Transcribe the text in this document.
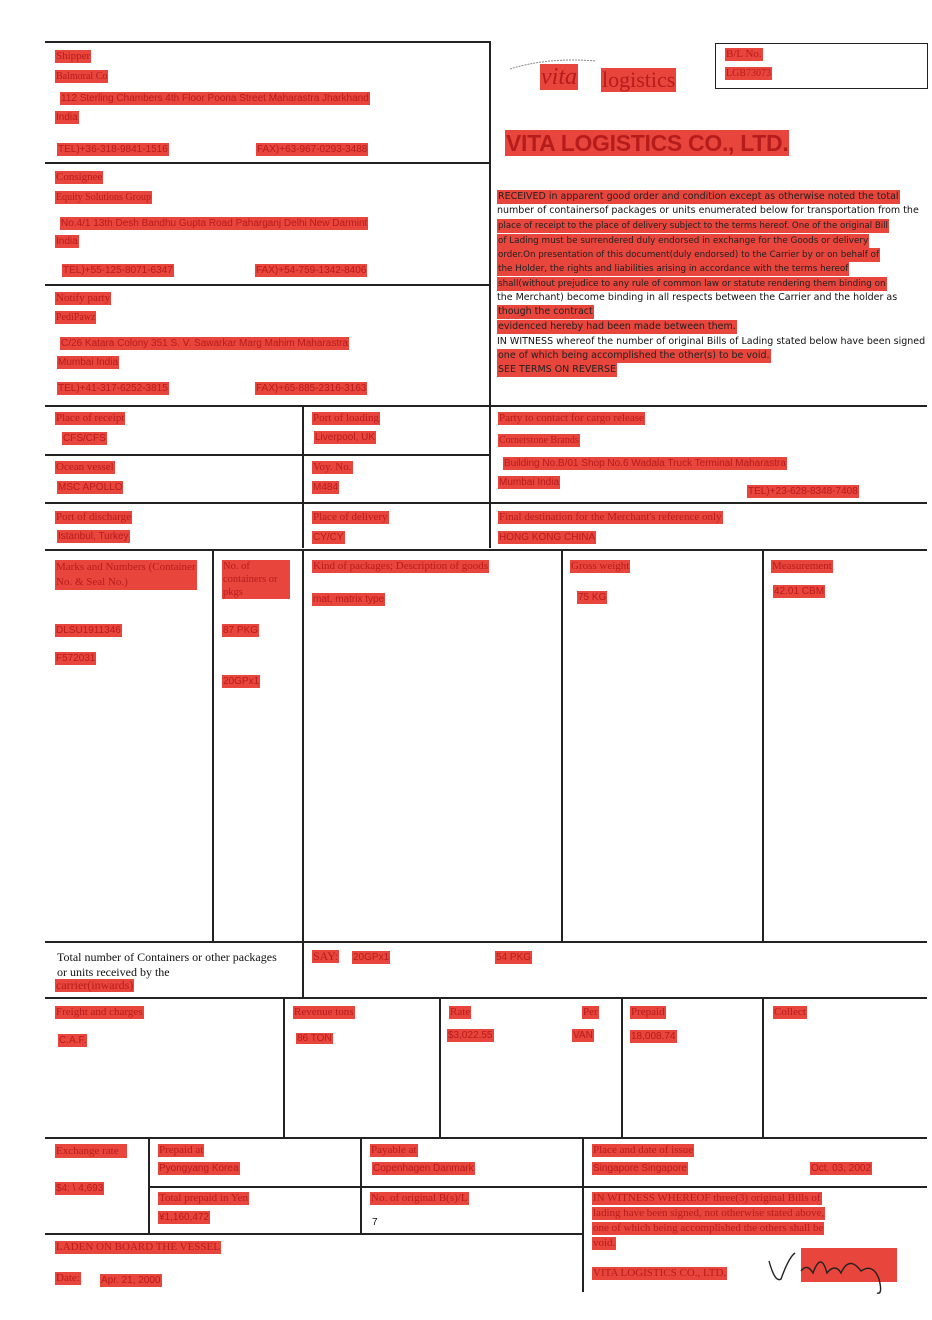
Shipper
Balmoral Co
112 Sterling Chambers 4th Floor Poona Street Maharastra Jharkhand
India
TEL)+36-318-9841-1516	FAX)+63-967-0293-3488
vita logistics
B/L No.
LGB73073
VITA LOGISTICS CO., LTD.
RECEIVED in apparent good order and condition except as otherwise noted the total
number of containersof packages or units enumerated below for transportation from the
place of receipt to the place of delivery subject to the terms hereof. One of the original Bill
of Lading must be surrendered duly endorsed in exchange for the Goods or delivery
order.On presentation of this document(duly endorsed) to the Carrier by or on behalf of
the Holder, the rights and liabilities arising in accordance with the terms hereof
shall(without prejudice to any rule of common law or statute rendering them binding on
the Merchant) become binding in all respects between the Carrier and the holder as
though the contract
evidenced hereby had been made between them.
IN WITNESS whereof the number of original Bills of Lading stated below have been signed
one of which being accomplished the other(s) to be void.
SEE TERMS ON REVERSE
Consignee
Equity Solutions Group
No.4/1 13th Desh Bandhu Gupta Road Paharganj Delhi New Darmint
India
TEL)+55-125-8071-6347	FAX)+54-759-1342-8406
Notify party
PediPawz
C/26 Katara Colony 351 S. V. Sawarkar Marg Mahim Maharastra
Mumbai India
TEL)+41-317-6252-3815	FAX)+65-885-2316-3163
Place of receipt
CFS/CFS
Port of loading
Liverpool, UK
Party to contact for cargo release
Cornerstone Brands
Building No.B/01 Shop No.6 Wadala Truck Terminal Maharastra
Mumbai India
TEL)+23-628-8348-7408
Ocean vessel
MSC APOLLO
Voy. No.
M484
Port of discharge
Istanbul, Turkey
Place of delivery
CY/CY
Final destination for the Merchant's reference only
HONG KONG CHINA
Marks and Numbers (Container No. & Seal No.)
DLSU1911346
F572031
No. of containers or pkgs
87 PKG
20GPx1
Kind of packages; Description of goods
mat, matrix type
Gross weight
75 KG
Measurement
42.01 CBM
Total number of Containers or other packages or units received by the
carrier(inwards)
SAY: 20GPx1	54 PKG
Freight and charges
C.A.F.
Revenue tons
86 TON
Rate
$3,022.55
Per
VAN
Prepaid
18,008.74
Collect
Exchange rate
$4: \ 4,693
Prepaid at
Pyongyang Korea
Payable at
Copenhagen Danmark
Place and date of issue
Singapore Singapore	Oct. 03, 2002
Total prepaid in Yen
¥1,160,472
No. of original B(s)/L
7
IN WITNESS WHEREOF three(3) original Bills of
lading have been signed, not otherwise stated above,
one of which being accomplished the others shall be
void.
LADEN ON BOARD THE VESSEL
Date: Apr. 21, 2000
VITA LOGISTICS CO., LTD.
